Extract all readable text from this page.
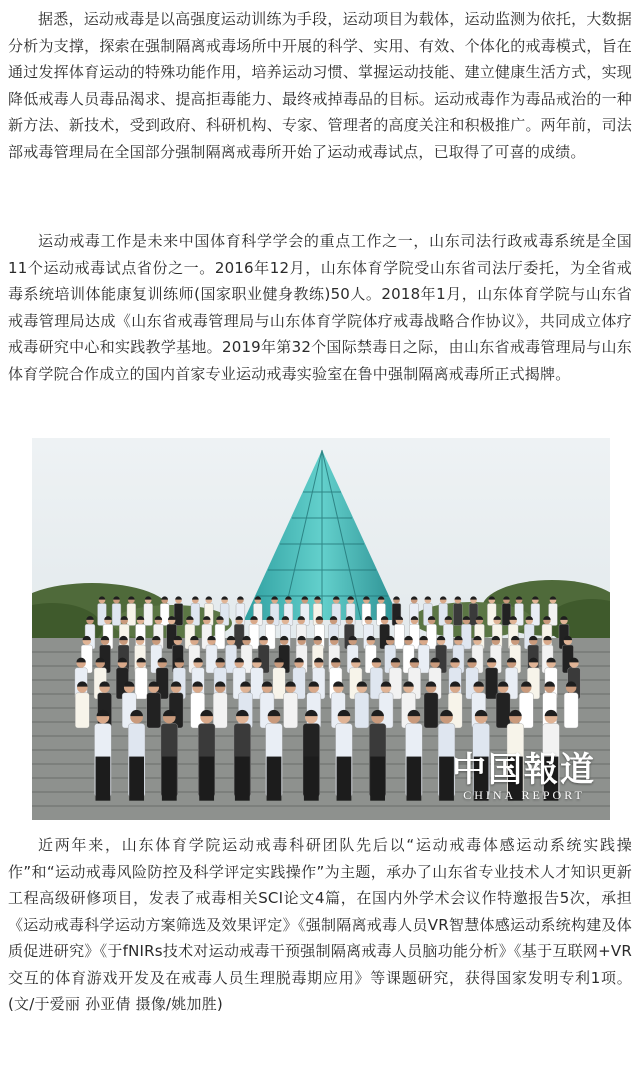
据悉，运动戒毒是以高强度运动训练为手段，运动项目为载体，运动监测为依托，大数据分析为支撑，探索在强制隔离戒毒场所中开展的科学、实用、有效、个体化的戒毒模式，旨在通过发挥体育运动的特殊功能作用，培养运动习惯、掌握运动技能、建立健康生活方式，实现降低戒毒人员毒品渴求、提高拒毒能力、最终戒掉毒品的目标。运动戒毒作为毒品戒治的一种新方法、新技术，受到政府、科研机构、专家、管理者的高度关注和积极推广。两年前，司法部戒毒管理局在全国部分强制隔离戒毒所开始了运动戒毒试点，已取得了可喜的成绩。

运动戒毒工作是未来中国体育科学学会的重点工作之一，山东司法行政戒毒系统是全国11个运动戒毒试点省份之一。2016年12月，山东体育学院受山东省司法厅委托，为全省戒毒系统培训体能康复训练师(国家职业健身教练)50人。2018年1月，山东体育学院与山东省戒毒管理局达成《山东省戒毒管理局与山东体育学院体疗戒毒战略合作协议》，共同成立体疗戒毒研究中心和实践教学基地。2019年第32个国际禁毒日之际，由山东省戒毒管理局与山东体育学院合作成立的国内首家专业运动戒毒实验室在鲁中强制隔离戒毒所正式揭牌。

中国報道
CHINA REPORT

近两年来，山东体育学院运动戒毒科研团队先后以“运动戒毒体感运动系统实践操作”和“运动戒毒风险防控及科学评定实践操作”为主题，承办了山东省专业技术人才知识更新工程高级研修项目，发表了戒毒相关SCI论文4篇，在国内外学术会议作特邀报告5次，承担《运动戒毒科学运动方案筛选及效果评定》《强制隔离戒毒人员VR智慧体感运动系统构建及体质促进研究》《于fNIRs技术对运动戒毒干预强制隔离戒毒人员脑功能分析》《基于互联网+VR交互的体育游戏开发及在戒毒人员生理脱毒期应用》等课题研究，获得国家发明专利1项。(文/于爱丽 孙亚倩 摄像/姚加胜)
